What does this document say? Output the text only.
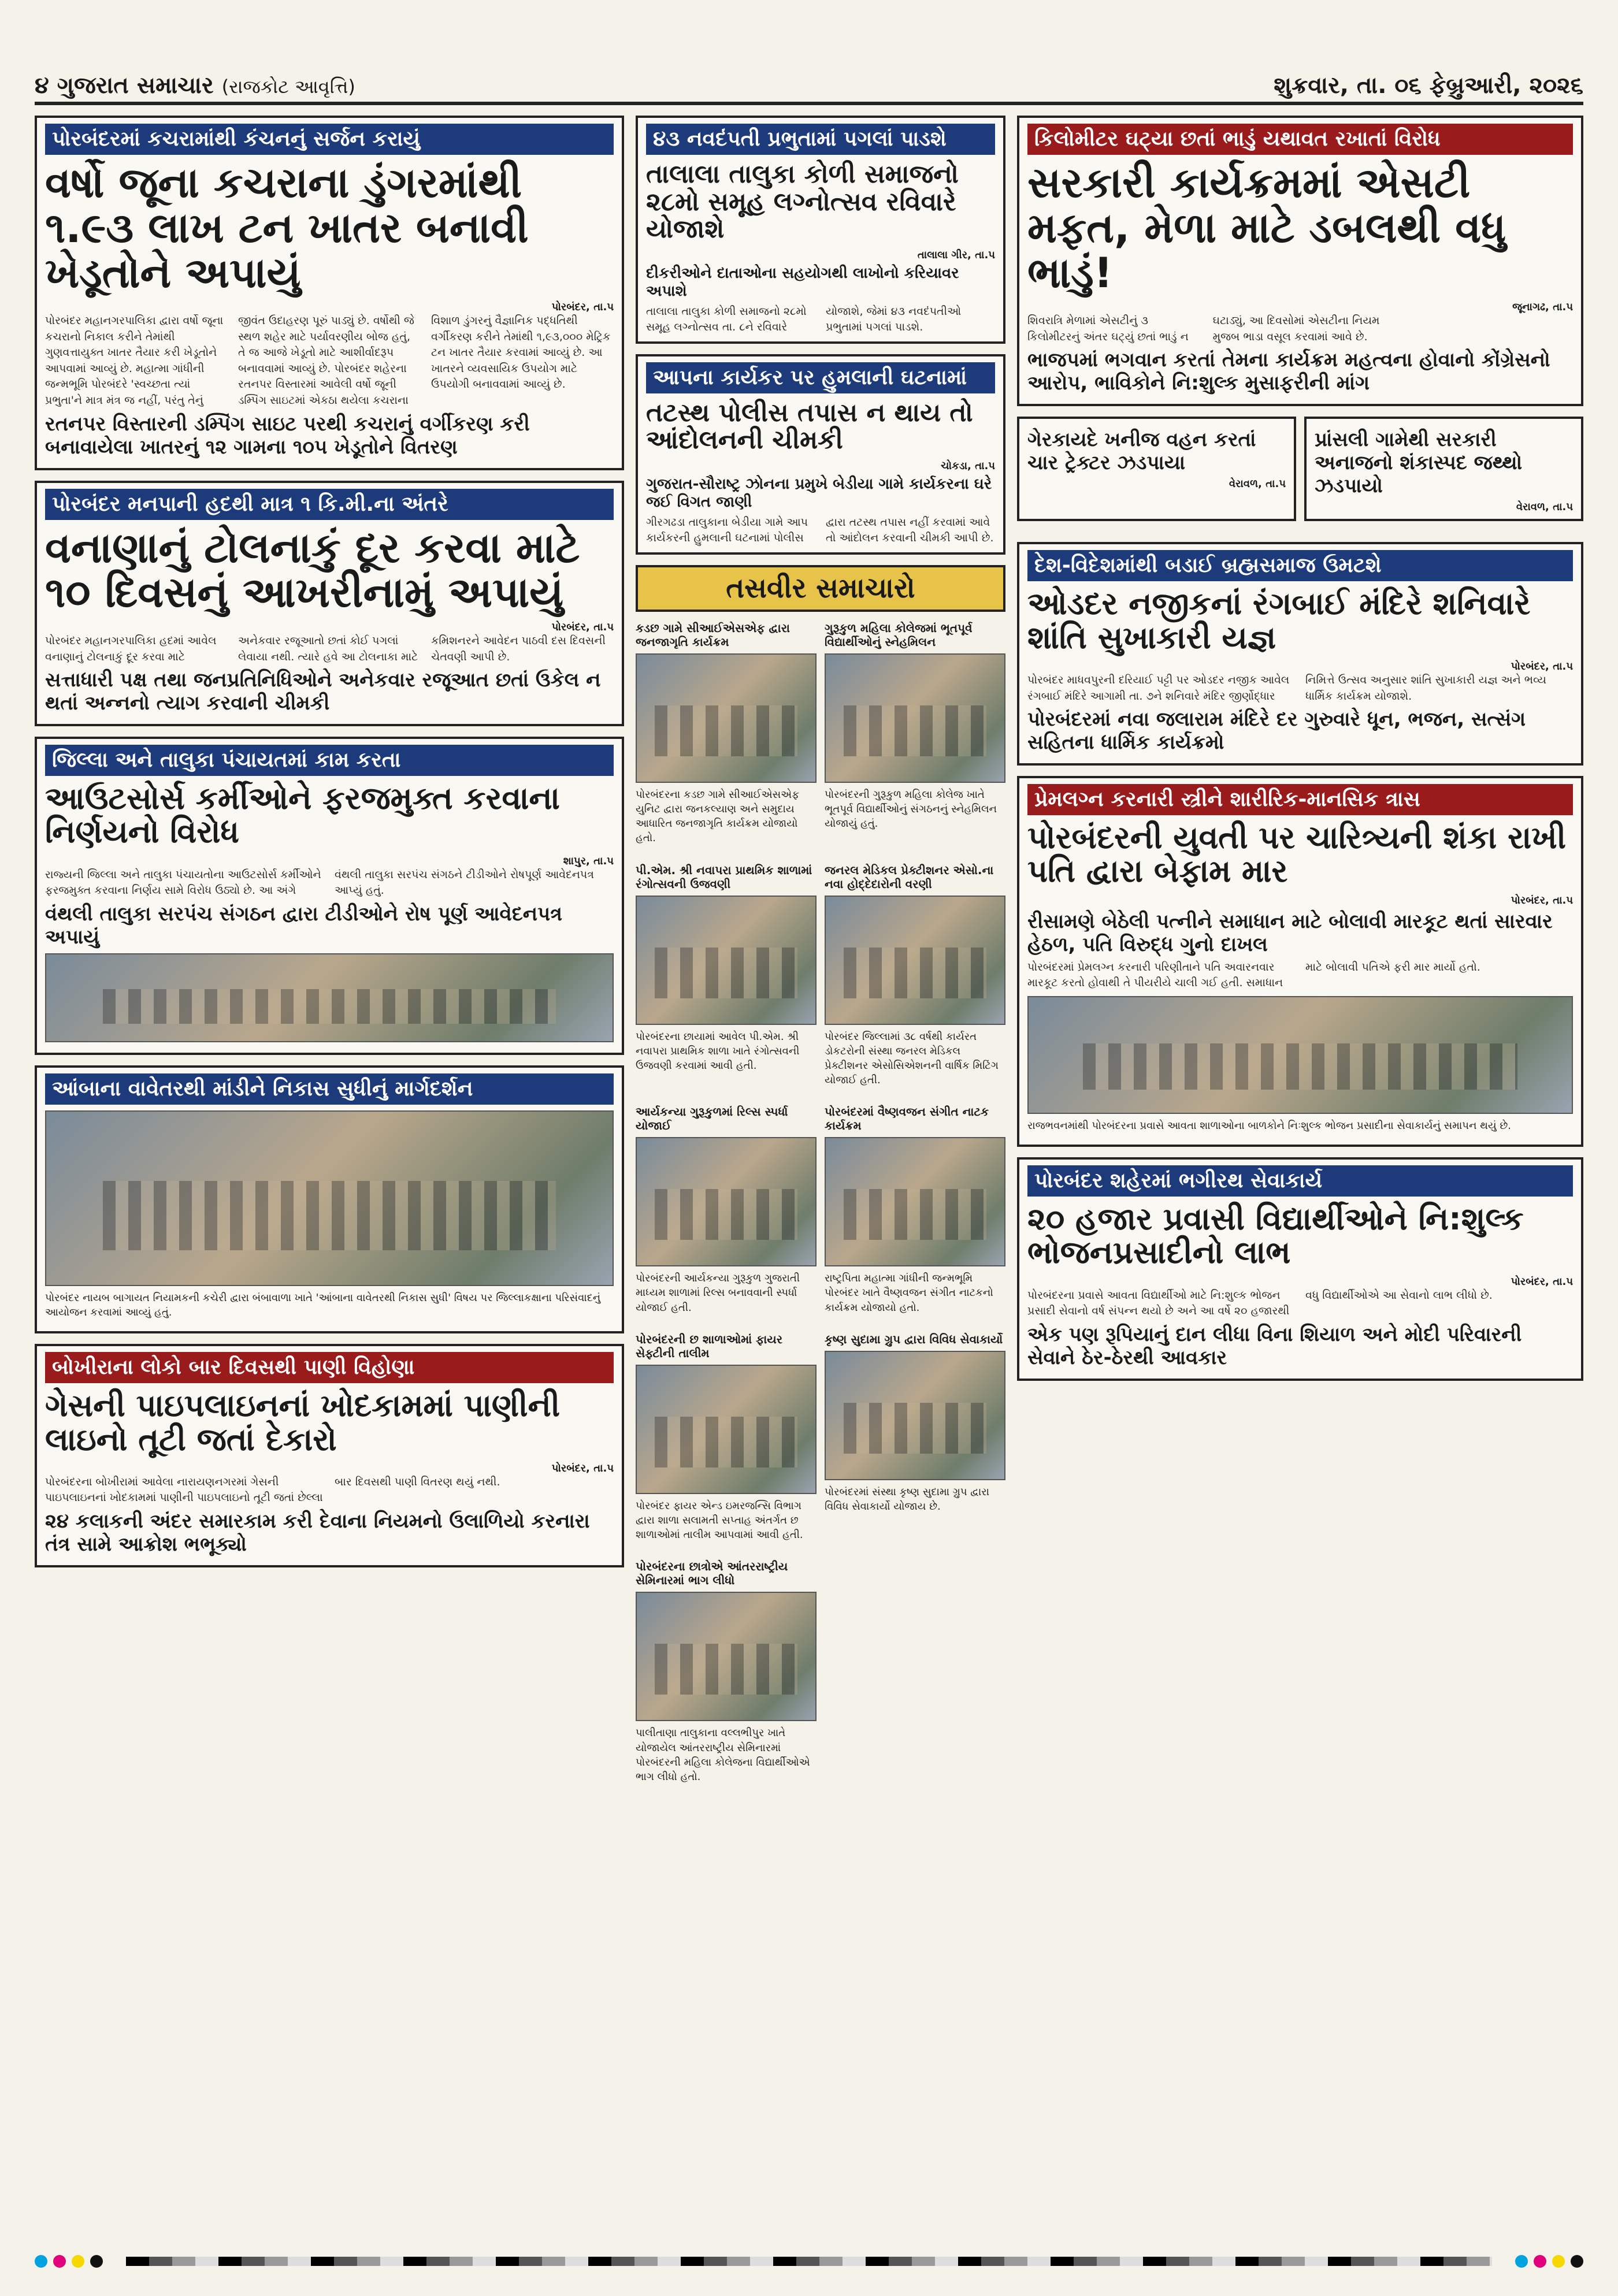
૪ ગુજરાત સમાચાર (રાજકોટ આવૃત્તિ)	શુક્રવાર, તા. ૦૬ ફેબ્રુઆરી, ૨૦૨૬
પોરબંદરમાં કચરામાંથી કંચનનું સર્જન કરાયું
વર્ષો જૂના કચરાના ડુંગરમાંથી ૧.૯૩ લાખ ટન ખાતર બનાવી ખેડૂતોને અપાયું
પોરબંદર, તા.પ
પોરબંદર મહાનગરપાલિકા દ્વારા વર્ષો જૂના કચરાનો નિકાલ કરીને તેમાંથી ગુણવત્તાયુક્ત ખાતર તૈયાર કરી ખેડૂતોને આપવામાં આવ્યું છે. મહાત્મા ગાંધીની જન્મભૂમિ પોરબંદરે 'સ્વચ્છતા ત્યાં પ્રભુતા'ને માત્ર મંત્ર જ નહીં, પરંતુ તેનું જીવંત ઉદાહરણ પૂરું પાડ્યું છે. વર્ષોથી જે સ્થળ શહેર માટે પર્યાવરણીય બોજ હતું, તે જ આજે ખેડૂતો માટે આશીર્વાદરૂપ બનાવવામાં આવ્યું છે. પોરબંદર શહેરના રતનપર વિસ્તારમાં આવેલી વર્ષો જૂની ડમ્પિંગ સાઇટમાં એકઠા થયેલા કચરાના વિશાળ ડુંગરનું વૈજ્ઞાનિક પદ્ધતિથી વર્ગીકરણ કરીને તેમાંથી ૧,૯૩,૦૦૦ મેટ્રિક ટન ખાતર તૈયાર કરવામાં આવ્યું છે. આ ખાતરને વ્યવસાયિક ઉપયોગ માટે ઉપયોગી બનાવવામાં આવ્યું છે.
રતનપર વિસ્તારની ડમ્પિંગ સાઇટ પરથી કચરાનું વર્ગીકરણ કરી બનાવાયેલા ખાતરનું ૧૨ ગામના ૧૦૫ ખેડૂતોને વિતરણ
પોરબંદર મનપાની હદથી માત્ર ૧ કિ.મી.ના અંતરે
વનાણાનું ટોલનાકું દૂર કરવા માટે ૧૦ દિવસનું આખરીનામું અપાયું
પોરબંદર, તા.પ
પોરબંદર મહાનગરપાલિકા હદમાં આવેલ વનાણાનું ટોલનાકું દૂર કરવા માટે અનેકવાર રજૂઆતો છતાં કોઈ પગલાં લેવાયા નથી. ત્યારે હવે આ ટોલનાકા માટે કમિશનરને આવેદન પાઠવી દસ દિવસની ચેતવણી આપી છે.
સત્તાધારી પક્ષ તથા જનપ્રતિનિધિઓને અનેકવાર રજૂઆત છતાં ઉકેલ ન થતાં અન્નનો ત્યાગ કરવાની ચીમકી
જિલ્લા અને તાલુકા પંચાયતમાં કામ કરતા
આઉટસોર્સ કર્મીઓને ફરજમુક્ત કરવાના નિર્ણયનો વિરોધ
શાપુર, તા.પ
રાજ્યની જિલ્લા અને તાલુકા પંચાયતોના આઉટસોર્સ કર્મીઓને ફરજમુક્ત કરવાના નિર્ણય સામે વિરોધ ઉઠ્યો છે. આ અંગે વંથલી તાલુકા સરપંચ સંગઠને ટીડીઓને રોષપૂર્ણ આવેદનપત્ર આપ્યું હતું.
વંથલી તાલુકા સરપંચ સંગઠન દ્વારા ટીડીઓને રોષ પૂર્ણ આવેદનપત્ર અપાયું
આંબાના વાવેતરથી માંડીને નિકાસ સુધીનું માર્ગદર્શન
પોરબંદર નાયબ બાગાયત નિયામકની કચેરી દ્વારા બંબાવાળા ખાતે 'આંબાના વાવેતરથી નિકાસ સુધી' વિષય પર જિલ્લાકક્ષાના પરિસંવાદનું આયોજન કરવામાં આવ્યું હતું.
બોખીરાના લોકો બાર દિવસથી પાણી વિહોણા
ગેસની પાઇપલાઇનનાં ખોદકામમાં પાણીની લાઇનો તૂટી જતાં દેકારો
પોરબંદર, તા.પ
પોરબંદરના બોખીરામાં આવેલા નારાયણનગરમાં ગેસની પાઇપલાઇનનાં ખોદકામમાં પાણીની પાઇપલાઇનો તૂટી જતાં છેલ્લા બાર દિવસથી પાણી વિતરણ થયું નથી.
૨૪ કલાકની અંદર સમારકામ કરી દેવાના નિયમનો ઉલાળિયો કરનારા તંત્ર સામે આક્રોશ ભભૂક્યો
૪૩ નવદંપતી પ્રભુતામાં પગલાં પાડશે
તાલાલા તાલુકા કોળી સમાજનો ૨૮મો સમૂહ લગ્નોત્સવ રવિવારે યોજાશે
તાલાલા ગીર, તા.પ
દીકરીઓને દાતાઓના સહયોગથી લાખોનો કરિયાવર અપાશે
તાલાલા તાલુકા કોળી સમાજનો ૨૮મો સમૂહ લગ્નોત્સવ તા. ૮ને રવિવારે યોજાશે, જેમાં ૪૩ નવદંપતીઓ પ્રભુતામાં પગલાં પાડશે.
આપના કાર્યકર પર હુમલાની ઘટનામાં
તટસ્થ પોલીસ તપાસ ન થાય તો આંદોલનની ચીમકી
ચોકડા, તા.પ
ગુજરાત-સૌરાષ્ટ્ર ઝોનના પ્રમુખે બેડીયા ગામે કાર્યકરના ઘરે જઈ વિગત જાણી
ગીરગઢડા તાલુકાના બેડીયા ગામે આપ કાર્યકરની હુમલાની ઘટનામાં પોલીસ દ્વારા તટસ્થ તપાસ નહીં કરવામાં આવે તો આંદોલન કરવાની ચીમકી આપી છે.
તસવીર સમાચારો
કડછ ગામે સીઆઈએસએફ દ્વારા જનજાગૃતિ કાર્યક્રમ
પોરબંદરના કડછ ગામે સીઆઈએસએફ યુનિટ દ્વારા જનકલ્યાણ અને સમુદાય આધારિત જનજાગૃતિ કાર્યક્રમ યોજાયો હતો.
ગુરૂકુળ મહિલા કોલેજમાં ભૂતપૂર્વ વિદ્યાર્થીઓનું સ્નેહમિલન
પોરબંદરની ગુરૂકુળ મહિલા કોલેજ ખાતે ભૂતપૂર્વ વિદ્યાર્થીઓનું સંગઠનનું સ્નેહમિલન યોજાયું હતું.
પી.એમ. શ્રી નવાપરા પ્રાથમિક શાળામાં રંગોત્સવની ઉજવણી
પોરબંદરના છાયામાં આવેલ પી.એમ. શ્રી નવાપરા પ્રાથમિક શાળા ખાતે રંગોત્સવની ઉજવણી કરવામાં આવી હતી.
જનરલ મેડિકલ પ્રેક્ટીશનર એસો.ના નવા હોદ્દેદારોની વરણી
પોરબંદર જિલ્લામાં ૩૮ વર્ષથી કાર્યરત ડોકટરોની સંસ્થા જનરલ મેડિકલ પ્રેક્ટીશનર એસોસિએશનની વાર્ષિક મિટિંગ યોજાઈ હતી.
આર્યકન્યા ગુરૂકુળમાં રિલ્સ સ્પર્ધા યોજાઈ
પોરબંદરની આર્યકન્યા ગુરૂકુળ ગુજરાતી માધ્યમ શાળામાં રિલ્સ બનાવવાની સ્પર્ધા યોજાઈ હતી.
પોરબંદરમાં વૈષ્ણવજન સંગીત નાટક કાર્યક્રમ
રાષ્ટ્રપિતા મહાત્મા ગાંધીની જન્મભૂમિ પોરબંદર ખાતે વૈષ્ણવજન સંગીત નાટકનો કાર્યક્રમ યોજાયો હતો.
પોરબંદરની છ શાળાઓમાં ફાયર સેફ્ટીની તાલીમ
પોરબંદર ફાયર એન્ડ ઇમરજન્સિ વિભાગ દ્વારા શાળા સલામતી સપ્તાહ અંતર્ગત છ શાળાઓમાં તાલીમ આપવામાં આવી હતી.
કૃષ્ણ સુદામા ગ્રુપ દ્વારા વિવિધ સેવાકાર્યો
પોરબંદરમાં સંસ્થા કૃષ્ણ સુદામા ગ્રુપ દ્વારા વિવિધ સેવાકાર્યો યોજાય છે.
પોરબંદરના છાત્રોએ આંતરરાષ્ટ્રીય સેમિનારમાં ભાગ લીધો
પાલીતાણા તાલુકાના વલ્લભીપુર ખાતે યોજાયેલ આંતરરાષ્ટ્રીય સેમિનારમાં પોરબંદરની મહિલા કોલેજના વિદ્યાર્થીઓએ ભાગ લીધો હતો.
કિલોમીટર ઘટ્યા છતાં ભાડું યથાવત રખાતાં વિરોધ
સરકારી કાર્યક્રમમાં એસટી મફત, મેળા માટે ડબલથી વધુ ભાડું!
જૂનાગઢ, તા.પ
શિવરાત્રિ મેળામાં એસટીનું ૩ કિલોમીટરનું અંતર ઘટ્યું છતાં ભાડું ન ઘટાડ્યું, આ દિવસોમાં એસટીના નિયમ મુજબ ભાડા વસૂલ કરવામાં આવે છે.
ભાજપમાં ભગવાન કરતાં તેમના કાર્યક્રમ મહત્વના હોવાનો કોંગ્રેસનો આરોપ, ભાવિકોને નિ:શુલ્ક મુસાફરીની માંગ
ગેરકાયદે ખનીજ વહન કરતાં ચાર ટ્રેક્ટર ઝડપાયા
વેરાવળ, તા.પ
પ્રાંસલી ગામેથી સરકારી અનાજનો શંકાસ્પદ જથ્થો ઝડપાયો
વેરાવળ, તા.પ
દેશ-વિદેશમાંથી બડાઈ બ્રહ્મસમાજ ઉમટશે
ઓડદર નજીકનાં રંગબાઈ મંદિરે શનિવારે શાંતિ સુખાકારી યજ્ઞ
પોરબંદર, તા.પ
પોરબંદર માધવપુરની દરિયાઈ પટ્ટી પર ઓડદર નજીક આવેલ રંગબાઈ મંદિરે આગામી તા. ૭ને શનિવારે મંદિર જીર્ણોદ્ધાર નિમિત્તે ઉત્સવ અનુસાર શાંતિ સુખાકારી યજ્ઞ અને ભવ્ય ધાર્મિક કાર્યક્રમ યોજાશે.
પોરબંદરમાં નવા જલારામ મંદિરે દર ગુરુવારે ધૂન, ભજન, સત્સંગ સહિતના ધાર્મિક કાર્યક્રમો
પ્રેમલગ્ન કરનારી સ્ત્રીને શારીરિક-માનસિક ત્રાસ
પોરબંદરની યુવતી પર ચારિત્ર્યની શંકા રાખી પતિ દ્વારા બેફામ માર
પોરબંદર, તા.પ
રીસામણે બેઠેલી પત્નીને સમાધાન માટે બોલાવી મારકૂટ થતાં સારવાર હેઠળ, પતિ વિરુદ્ધ ગુનો દાખલ
પોરબંદરમાં પ્રેમલગ્ન કરનારી પરિણીતાને પતિ અવારનવાર મારકૂટ કરતો હોવાથી તે પીયરીયે ચાલી ગઈ હતી. સમાધાન માટે બોલાવી પતિએ ફરી માર માર્યો હતો.
રાજભવનમાંથી પોરબંદરના પ્રવાસે આવતા શાળાઓના બાળકોને નિઃશુલ્ક ભોજન પ્રસાદીના સેવાકાર્યનું સમાપન થયું છે.
પોરબંદર શહેરમાં ભગીરથ સેવાકાર્ય
૨૦ હજાર પ્રવાસી વિદ્યાર્થીઓને નિ:શુલ્ક ભોજનપ્રસાદીનો લાભ
પોરબંદર, તા.પ
પોરબંદરના પ્રવાસે આવતા વિદ્યાર્થીઓ માટે નિ:શુલ્ક ભોજન પ્રસાદી સેવાનો વર્ષ સંપન્ન થયો છે અને આ વર્ષે ૨૦ હજારથી વધુ વિદ્યાર્થીઓએ આ સેવાનો લાભ લીધો છે.
એક પણ રૂપિયાનું દાન લીધા વિના શિયાળ અને મોદી પરિવારની સેવાને ઠેર-ઠેરથી આવકાર
